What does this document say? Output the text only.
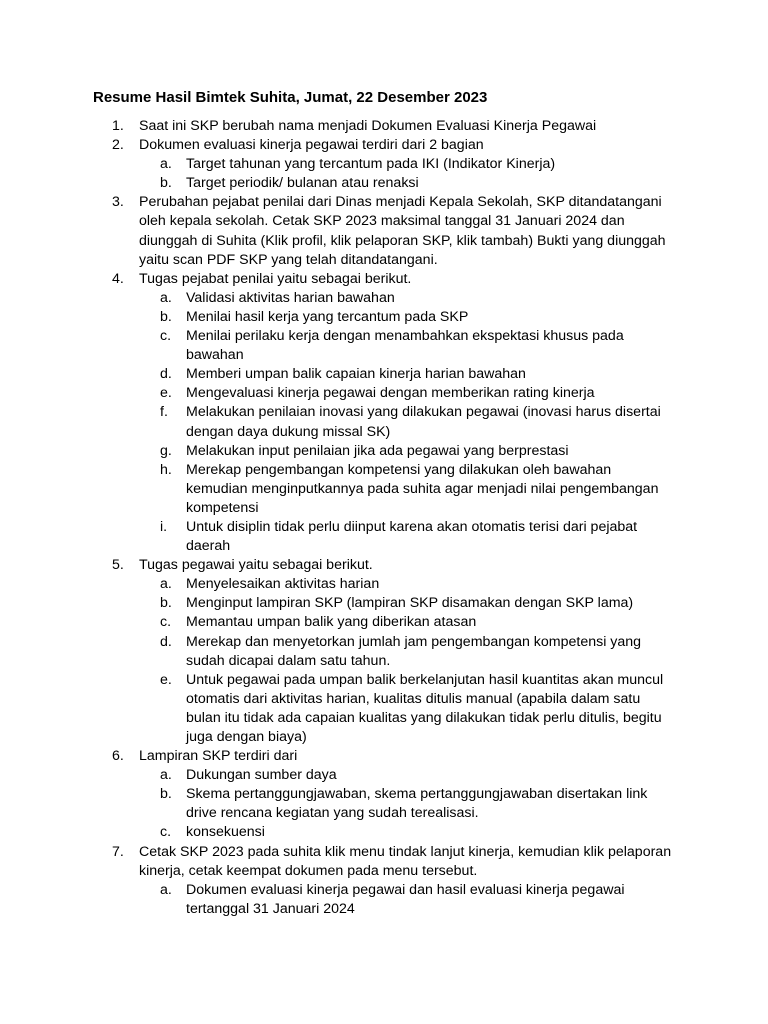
Resume Hasil Bimtek Suhita, Jumat, 22 Desember 2023
1. Saat ini SKP berubah nama menjadi Dokumen Evaluasi Kinerja Pegawai
2. Dokumen evaluasi kinerja pegawai terdiri dari 2 bagian
a. Target tahunan yang tercantum pada IKI (Indikator Kinerja)
b. Target periodik/ bulanan atau renaksi
3. Perubahan pejabat penilai dari Dinas menjadi Kepala Sekolah, SKP ditandatangani oleh kepala sekolah. Cetak SKP 2023 maksimal tanggal 31 Januari 2024 dan diunggah di Suhita (Klik profil, klik pelaporan SKP, klik tambah) Bukti yang diunggah yaitu scan PDF SKP yang telah ditandatangani.
4. Tugas pejabat penilai yaitu sebagai berikut.
a. Validasi aktivitas harian bawahan
b. Menilai hasil kerja yang tercantum pada SKP
c. Menilai perilaku kerja dengan menambahkan ekspektasi khusus pada bawahan
d. Memberi umpan balik capaian kinerja harian bawahan
e. Mengevaluasi kinerja pegawai dengan memberikan rating kinerja
f. Melakukan penilaian inovasi yang dilakukan pegawai (inovasi harus disertai dengan daya dukung missal SK)
g. Melakukan input penilaian jika ada pegawai yang berprestasi
h. Merekap pengembangan kompetensi yang dilakukan oleh bawahan kemudian menginputkannya pada suhita agar menjadi nilai pengembangan kompetensi
i. Untuk disiplin tidak perlu diinput karena akan otomatis terisi dari pejabat daerah
5. Tugas pegawai yaitu sebagai berikut.
a. Menyelesaikan aktivitas harian
b. Menginput lampiran SKP (lampiran SKP disamakan dengan SKP lama)
c. Memantau umpan balik yang diberikan atasan
d. Merekap dan menyetorkan jumlah jam pengembangan kompetensi yang sudah dicapai dalam satu tahun.
e. Untuk pegawai pada umpan balik berkelanjutan hasil kuantitas akan muncul otomatis dari aktivitas harian, kualitas ditulis manual (apabila dalam satu bulan itu tidak ada capaian kualitas yang dilakukan tidak perlu ditulis, begitu juga dengan biaya)
6. Lampiran SKP terdiri dari
a. Dukungan sumber daya
b. Skema pertanggungjawaban, skema pertanggungjawaban disertakan link drive rencana kegiatan yang sudah terealisasi.
c. konsekuensi
7. Cetak SKP 2023 pada suhita klik menu tindak lanjut kinerja, kemudian klik pelaporan kinerja, cetak keempat dokumen pada menu tersebut.
a. Dokumen evaluasi kinerja pegawai dan hasil evaluasi kinerja pegawai tertanggal 31 Januari 2024
